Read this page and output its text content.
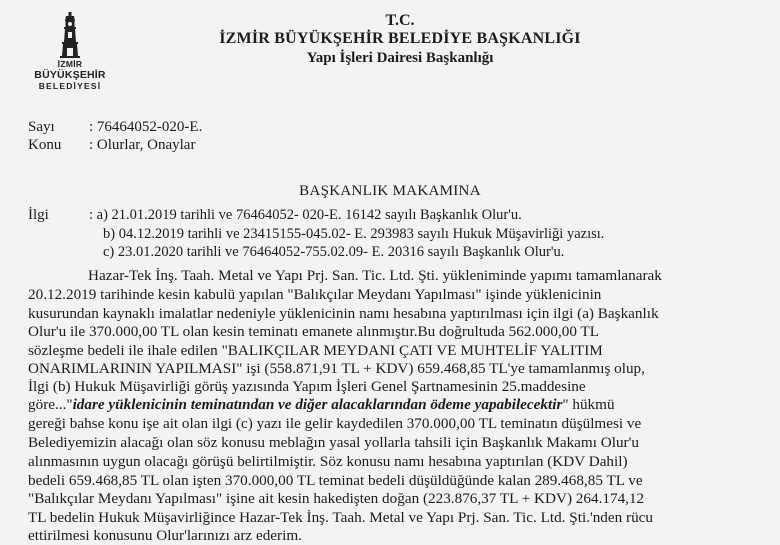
İZMİR
BÜYÜKŞEHİR
BELEDİYESİ
T.C.
İZMİR BÜYÜKŞEHİR BELEDİYE BAŞKANLIĞI
Yapı İşleri Dairesi Başkanlığı
Sayı : 76464052-020-E.
Konu : Olurlar, Onaylar
BAŞKANLIK MAKAMINA
İlgi	: a) 21.01.2019 tarihli ve 76464052- 020-E. 16142 sayılı Başkanlık Olur'u.
b) 04.12.2019 tarihli ve 23415155-045.02- E. 293983 sayılı Hukuk Müşavirliği yazısı.
c) 23.01.2020 tarihli ve 76464052-755.02.09- E. 20316 sayılı Başkanlık Olur'u.
Hazar-Tek İnş. Taah. Metal ve Yapı Prj. San. Tic. Ltd. Şti. yükleniminde yapımı tamamlanarak
20.12.2019 tarihinde kesin kabulü yapılan "Balıkçılar Meydanı Yapılması" işinde yüklenicinin
kusurundan kaynaklı imalatlar nedeniyle yüklenicinin namı hesabına yaptırılması için ilgi (a) Başkanlık
Olur'u ile 370.000,00 TL olan kesin teminatı emanete alınmıştır.Bu doğrultuda 562.000,00 TL
sözleşme bedeli ile ihale edilen "BALIKÇILAR MEYDANI ÇATI VE MUHTELİF YALITIM
ONARIMLARININ YAPILMASI" işi (558.871,91 TL + KDV) 659.468,85 TL'ye tamamlanmış olup,
İlgi (b) Hukuk Müşavirliği görüş yazısında Yapım İşleri Genel Şartnamesinin 25.maddesine
göre..."idare yüklenicinin teminatından ve diğer alacaklarından ödeme yapabilecektir" hükmü
gereği bahse konu işe ait olan ilgi (c) yazı ile gelir kaydedilen 370.000,00 TL teminatın düşülmesi ve
Belediyemizin alacağı olan söz konusu meblağın yasal yollarla tahsili için Başkanlık Makamı Olur'u
alınmasının uygun olacağı görüşü belirtilmiştir. Söz konusu namı hesabına yaptırılan (KDV Dahil)
bedeli 659.468,85 TL olan işten 370.000,00 TL teminat bedeli düşüldüğünde kalan 289.468,85 TL ve
"Balıkçılar Meydanı Yapılması" işine ait kesin hakedişten doğan (223.876,37 TL + KDV) 264.174,12
TL bedelin Hukuk Müşavirliğince Hazar-Tek İnş. Taah. Metal ve Yapı Prj. San. Tic. Ltd. Şti.'nden rücu
ettirilmesi konusunu Olur'larınızı arz ederim.
